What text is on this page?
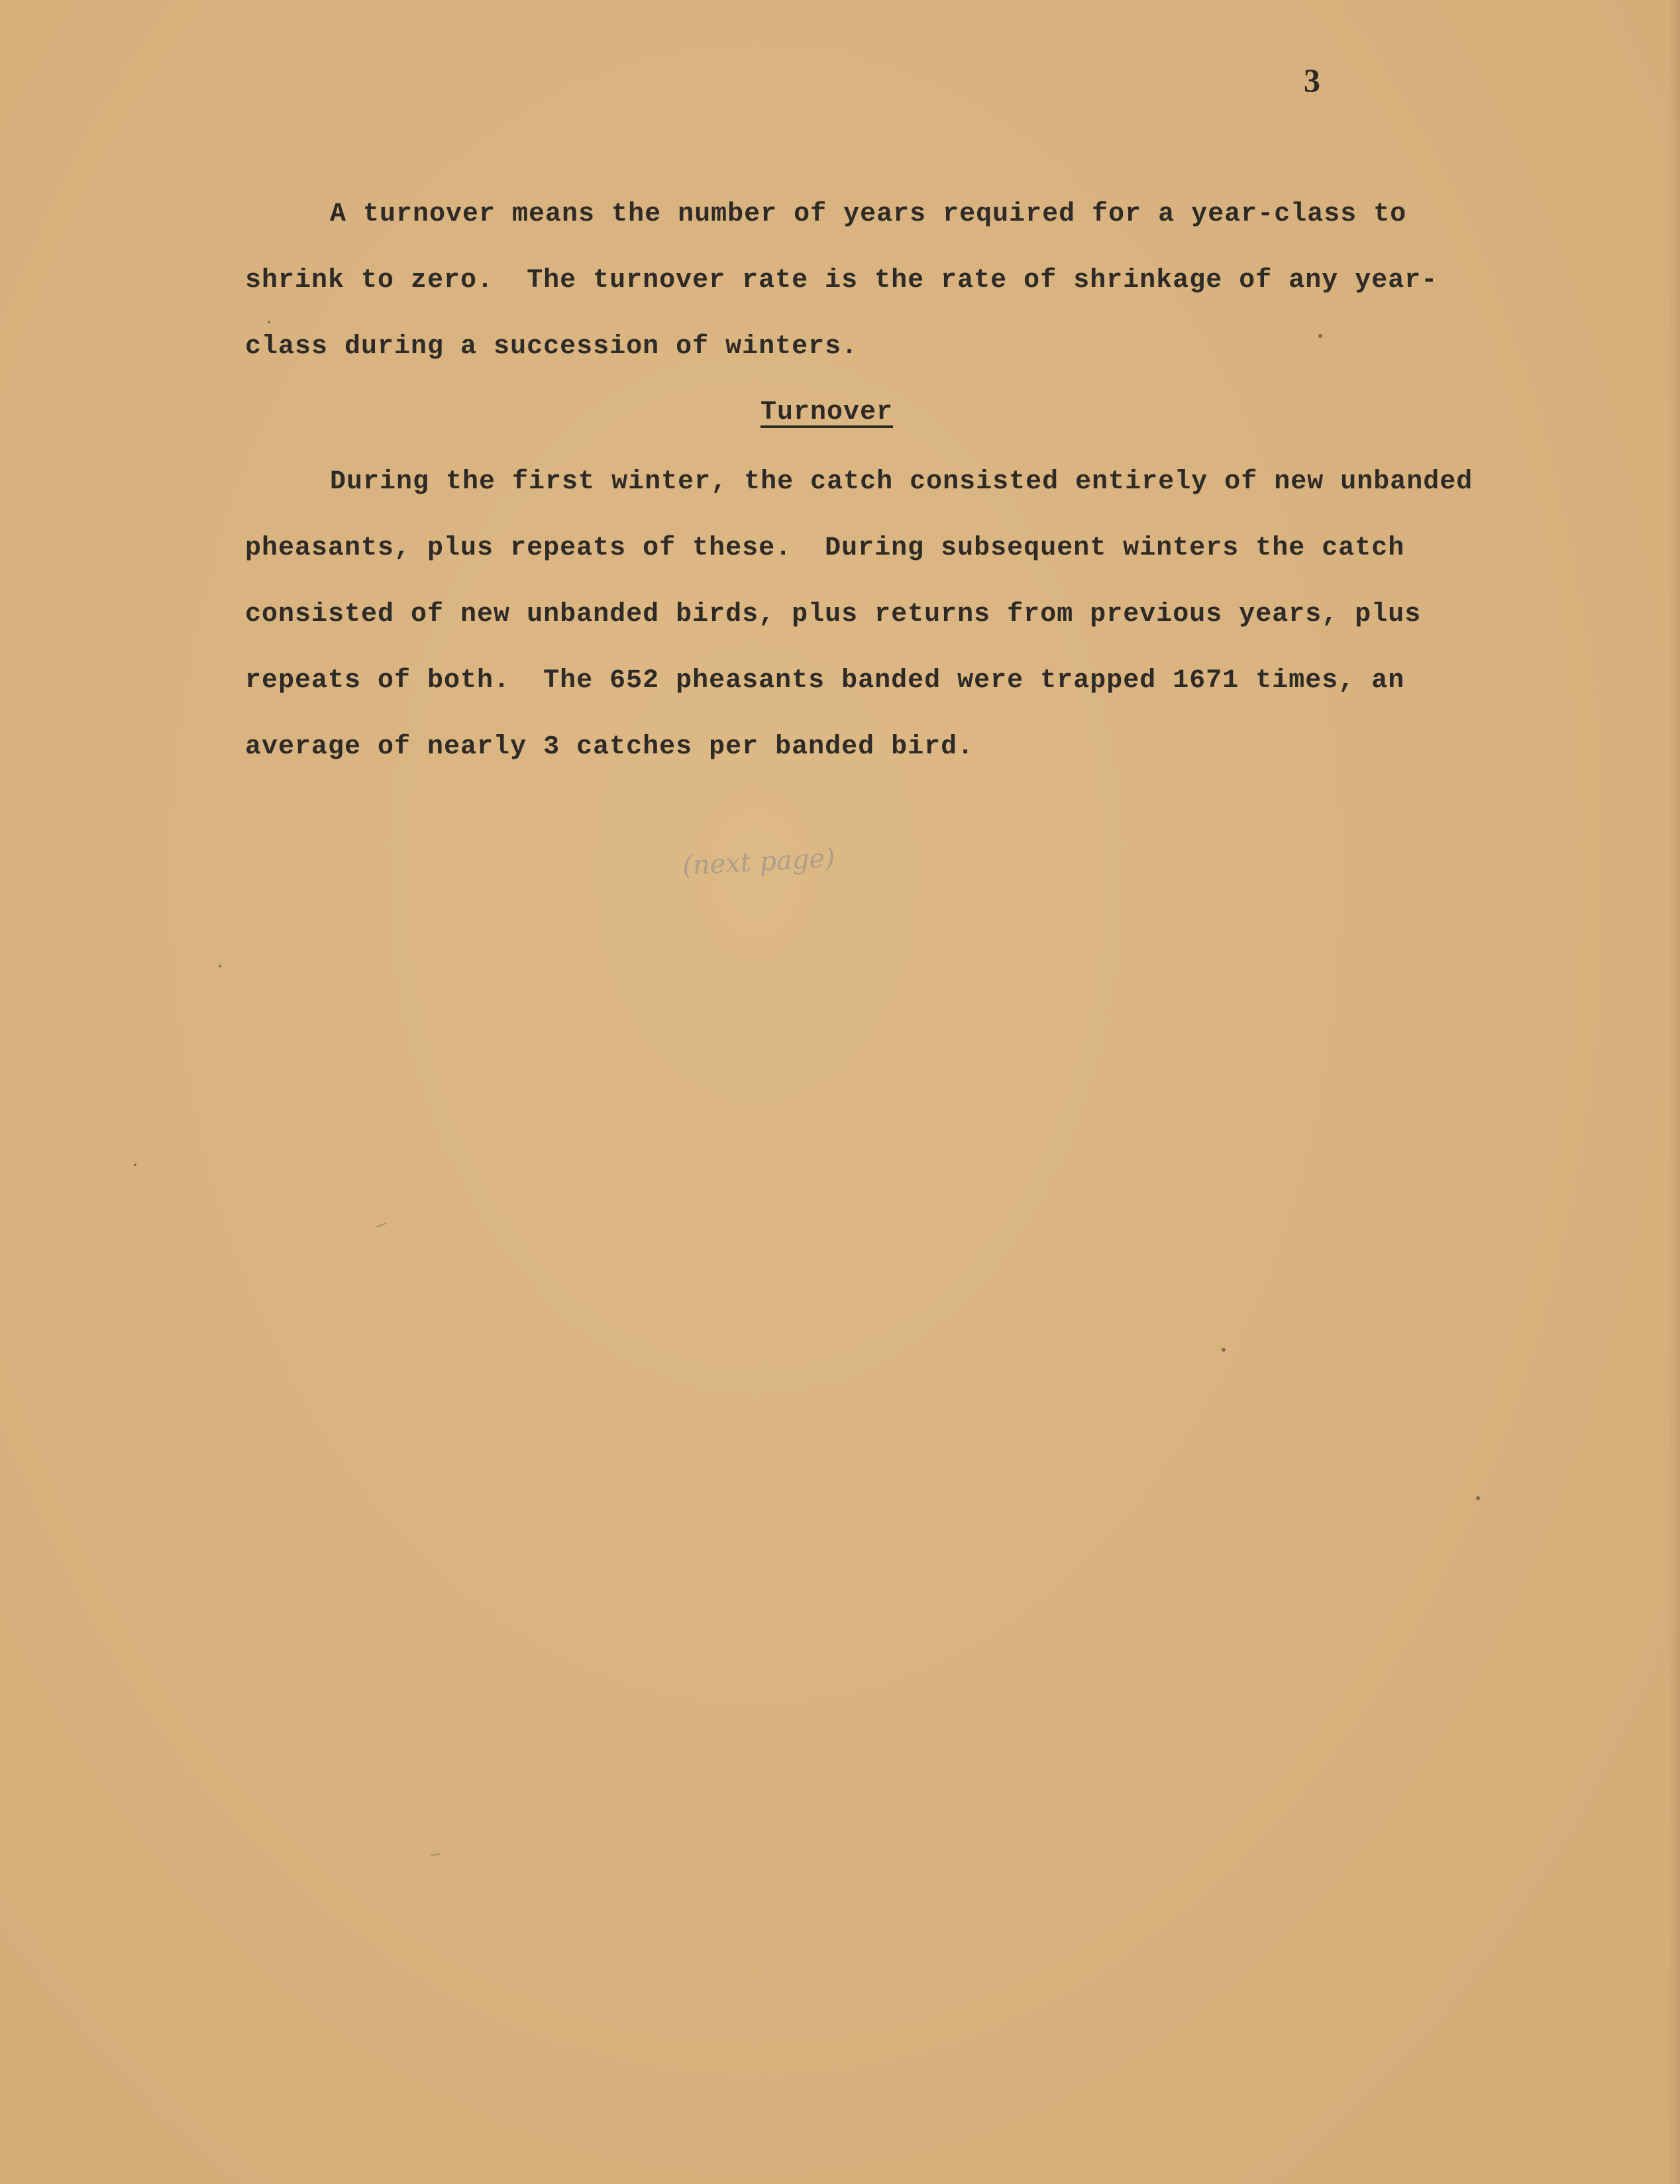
3

A turnover means the number of years required for a year-class to
shrink to zero.  The turnover rate is the rate of shrinkage of any year-
class during a succession of winters.

Turnover

During the first winter, the catch consisted entirely of new unbanded
pheasants, plus repeats of these.  During subsequent winters the catch
consisted of new unbanded birds, plus returns from previous years, plus
repeats of both.  The 652 pheasants banded were trapped 1671 times, an
average of nearly 3 catches per banded bird.

(next page)
